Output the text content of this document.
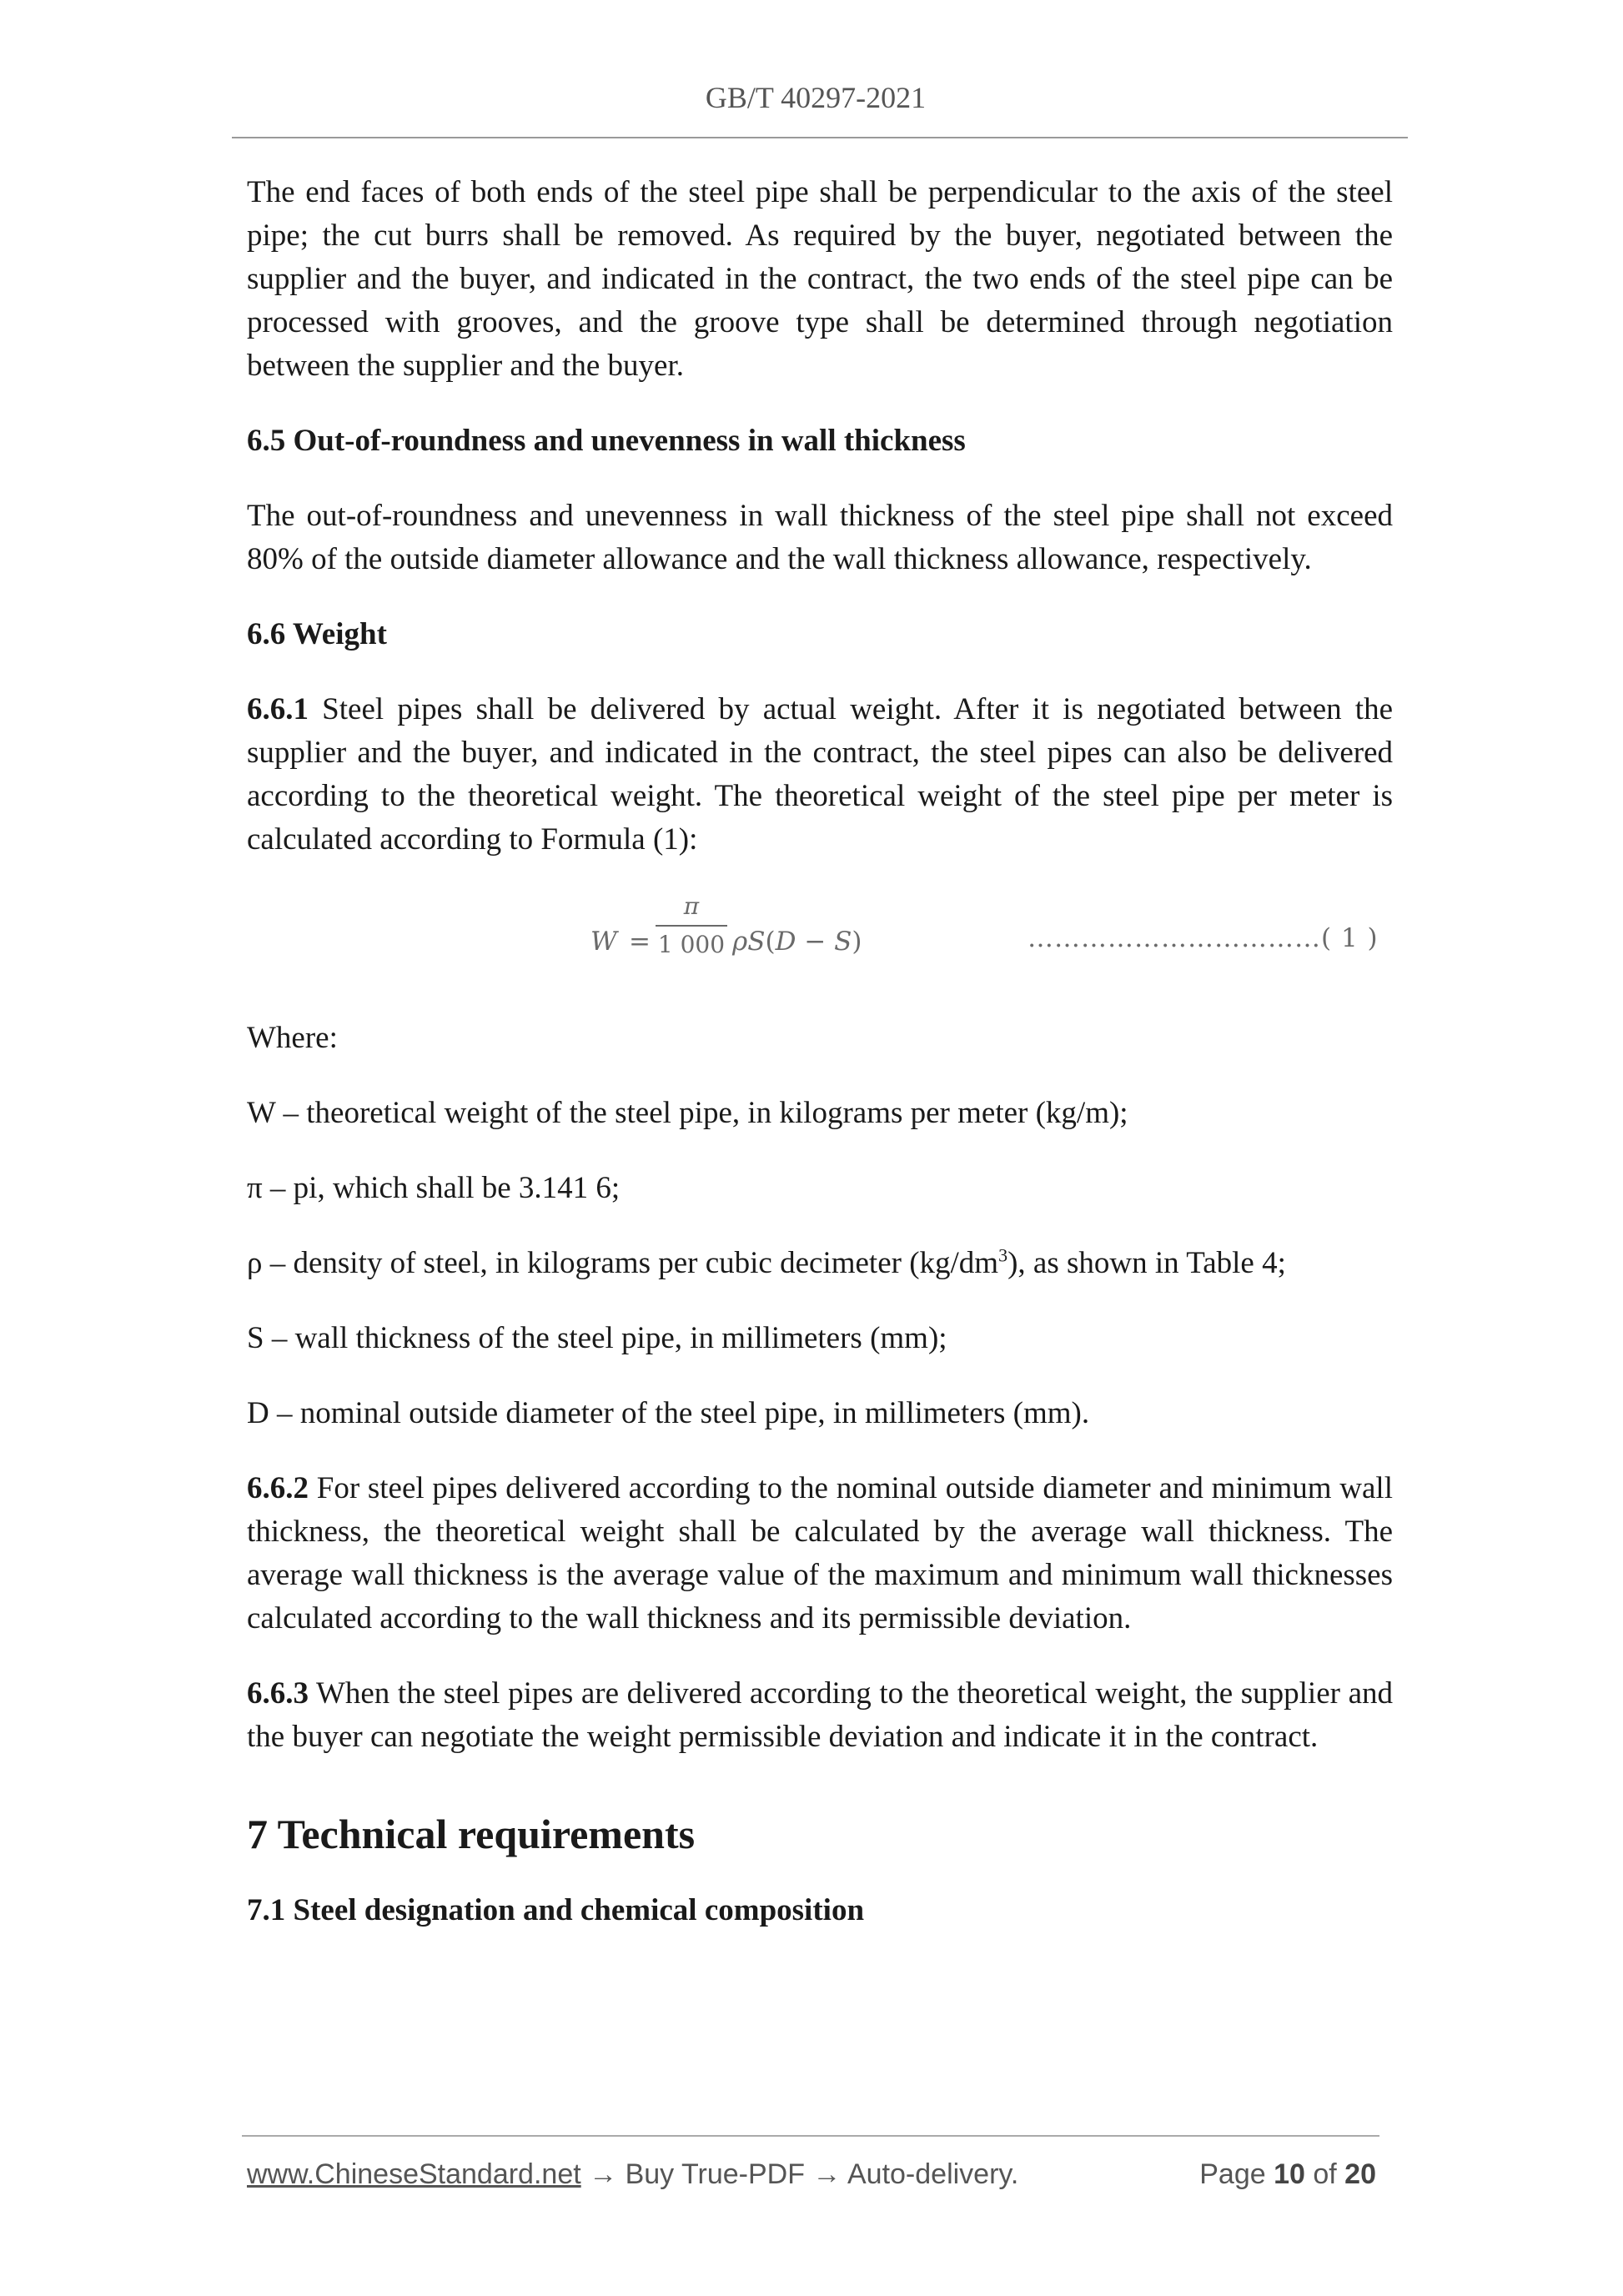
GB/T 40297-2021

The end faces of both ends of the steel pipe shall be perpendicular to the axis of the steel pipe; the cut burrs shall be removed. As required by the buyer, negotiated between the supplier and the buyer, and indicated in the contract, the two ends of the steel pipe can be processed with grooves, and the groove type shall be determined through negotiation between the supplier and the buyer.

6.5 Out-of-roundness and unevenness in wall thickness

The out-of-roundness and unevenness in wall thickness of the steel pipe shall not exceed 80% of the outside diameter allowance and the wall thickness allowance, respectively.

6.6 Weight

6.6.1 Steel pipes shall be delivered by actual weight. After it is negotiated between the supplier and the buyer, and indicated in the contract, the steel pipes can also be delivered according to the theoretical weight. The theoretical weight of the steel pipe per meter is calculated according to Formula (1):

W =
π
1 000 ρS(D − S)	……………………………( 1 )

Where:

W – theoretical weight of the steel pipe, in kilograms per meter (kg/m);

π – pi, which shall be 3.141 6;

ρ – density of steel, in kilograms per cubic decimeter $(kg/dm^3)$, as shown in Table 4;

S – wall thickness of the steel pipe, in millimeters (mm);

D – nominal outside diameter of the steel pipe, in millimeters (mm).

6.6.2 For steel pipes delivered according to the nominal outside diameter and minimum wall thickness, the theoretical weight shall be calculated by the average wall thickness. The average wall thickness is the average value of the maximum and minimum wall thicknesses calculated according to the wall thickness and its permissible deviation.

6.6.3 When the steel pipes are delivered according to the theoretical weight, the supplier and the buyer can negotiate the weight permissible deviation and indicate it in the contract.

7 Technical requirements

7.1 Steel designation and chemical composition

www.ChineseStandard.net → Buy True-PDF → Auto-delivery.	Page 10 of 20
